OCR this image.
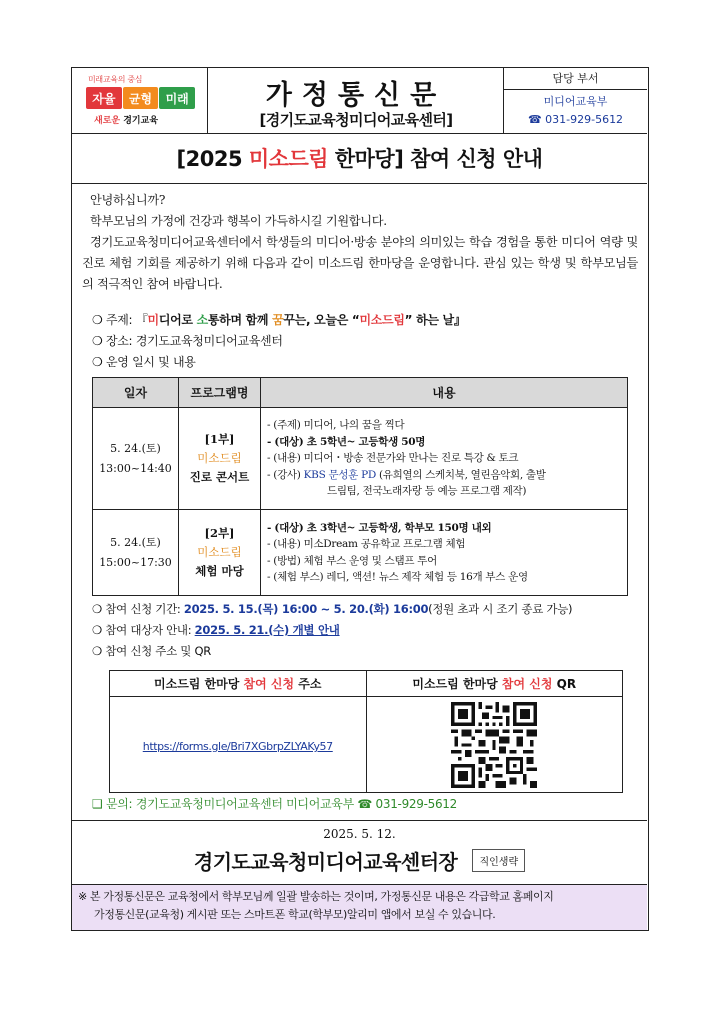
미래교육의 중심
자율	균형	미래
새로운 경기교육
가정통신문
[경기도교육청미디어교육센터]
담당 부서
미디어교육부
☎ 031-929-5612
[2025 미소드림 한마당] 참여 신청 안내

안녕하십니까?

학부모님의 가정에 건강과 행복이 가득하시길 기원합니다.

경기도교육청미디어교육센터에서 학생들의 미디어·방송 분야의 의미있는 학습 경험을 통한 미디어 역량 및 진로 체험 기회를 제공하기 위해 다음과 같이 미소드림 한마당을 운영합니다. 관심 있는 학생 및 학부모님들의 적극적인 참여 바랍니다.

❍ 주제: 『미디어로 소통하며 함께 꿈꾸는, 오늘은 “미소드림” 하는 날』
❍ 장소: 경기도교육청미디어교육센터
❍ 운영 일시 및 내용
일자	프로그램명	내용
5. 24.(토)
13:00~14:40	[1부]
미소드림
진로 콘서트	- (주제) 미디어, 나의 꿈을 찍다
- (대상) 초 5학년~ 고등학생 50명
- (내용) 미디어・방송 전문가와 만나는 진로 특강 & 토크
- (강사) KBS 문성훈 PD (유희열의 스케치북, 열린음악회, 출발
드림팀, 전국노래자랑 등 예능 프로그램 제작)

5. 24.(토)
15:00~17:30	[2부]
미소드림
체험 마당	- (대상) 초 3학년~ 고등학생, 학부모 150명 내외
- (내용) 미소Dream 공유학교 프로그램 체험
- (방법) 체험 부스 운영 및 스탬프 투어
- (체험 부스) 레디, 액션! 뉴스 제작 체험 등 16개 부스 운영
❍ 참여 신청 기간: 2025. 5. 15.(목) 16:00 ~ 5. 20.(화) 16:00(정원 초과 시 조기 종료 가능)
❍ 참여 대상자 안내: 2025. 5. 21.(수) 개별 안내
❍ 참여 신청 주소 및 QR
미소드림 한마당 참여 신청 주소	미소드림 한마당 참여 신청 QR
https://forms.gle/Bri7XGbrpZLYAKy57	
❑ 문의: 경기도교육청미디어교육센터 미디어교육부 ☎ 031-929-5612
2025. 5. 12.
경기도교육청미디어교육센터장 직인생략
※ 본 가정통신문은 교육청에서 학부모님께 일괄 발송하는 것이며, 가정통신문 내용은 각급학교 홈페이지
가정통신문(교육청) 게시판 또는 스마트폰 학교(학부모)알리미 앱에서 보실 수 있습니다.
